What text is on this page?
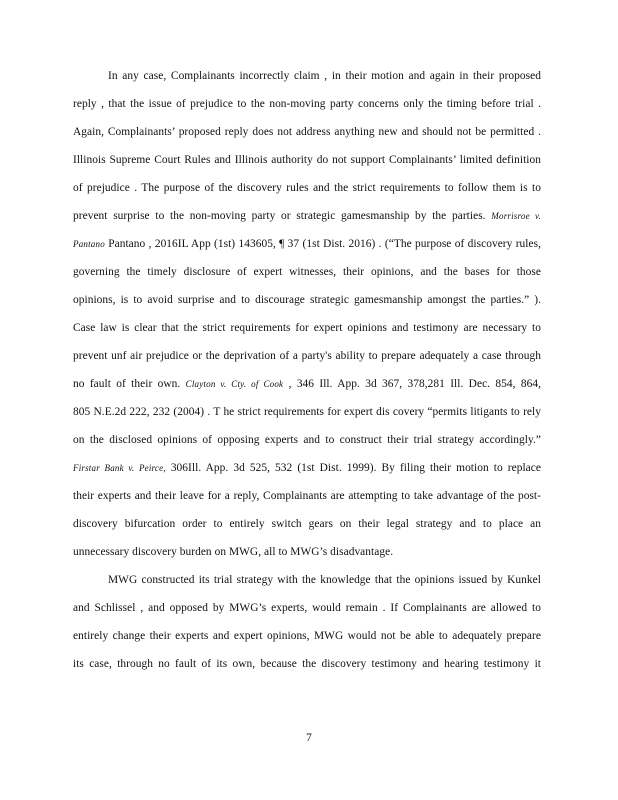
In any case, Complainants incorrectly claim , in their motion and again in their proposed
reply , that the issue of prejudice to the non-moving party concerns only the timing before trial .
Again, Complainants’ proposed reply does not address anything new and should not be permitted .
Illinois Supreme Court Rules and Illinois authority do not support Complainants’ limited definition
of prejudice . The purpose of the discovery rules and the strict requirements to follow them is to
prevent surprise to the non-moving party or strategic gamesmanship by the parties. Morrisroe v.
Pantano Pantano , 2016IL App (1st) 143605, ¶ 37 (1st Dist. 2016) . (“The purpose of discovery rules,
governing the timely disclosure of expert witnesses, their opinions, and the bases for those
opinions, is to avoid surprise and to discourage strategic gamesmanship amongst the parties.” ).
Case law is clear that the strict requirements for expert opinions and testimony are necessary to
prevent unf air prejudice or the deprivation of a party's ability to prepare adequately a case through
no fault of their own. Clayton v. Cty. of Cook , 346 Ill. App. 3d 367, 378,281 Ill. Dec. 854, 864,
805 N.E.2d 222, 232 (2004) . T he strict requirements for expert dis covery “permits litigants to rely
on the disclosed opinions of opposing experts and to construct their trial strategy accordingly.”
Firstar Bank v. Peirce, 306Ill. App. 3d 525, 532 (1st Dist. 1999). By filing their motion to replace
their experts and their leave for a reply, Complainants are attempting to take advantage of the post-
discovery bifurcation order to entirely switch gears on their legal strategy and to place an
unnecessary discovery burden on MWG, all to MWG’s disadvantage.
MWG constructed its trial strategy with the knowledge that the opinions issued by Kunkel
and Schlissel , and opposed by MWG’s experts, would remain . If Complainants are allowed to
entirely change their experts and expert opinions, MWG would not be able to adequately prepare
its case, through no fault of its own, because the discovery testimony and hearing testimony it
7
